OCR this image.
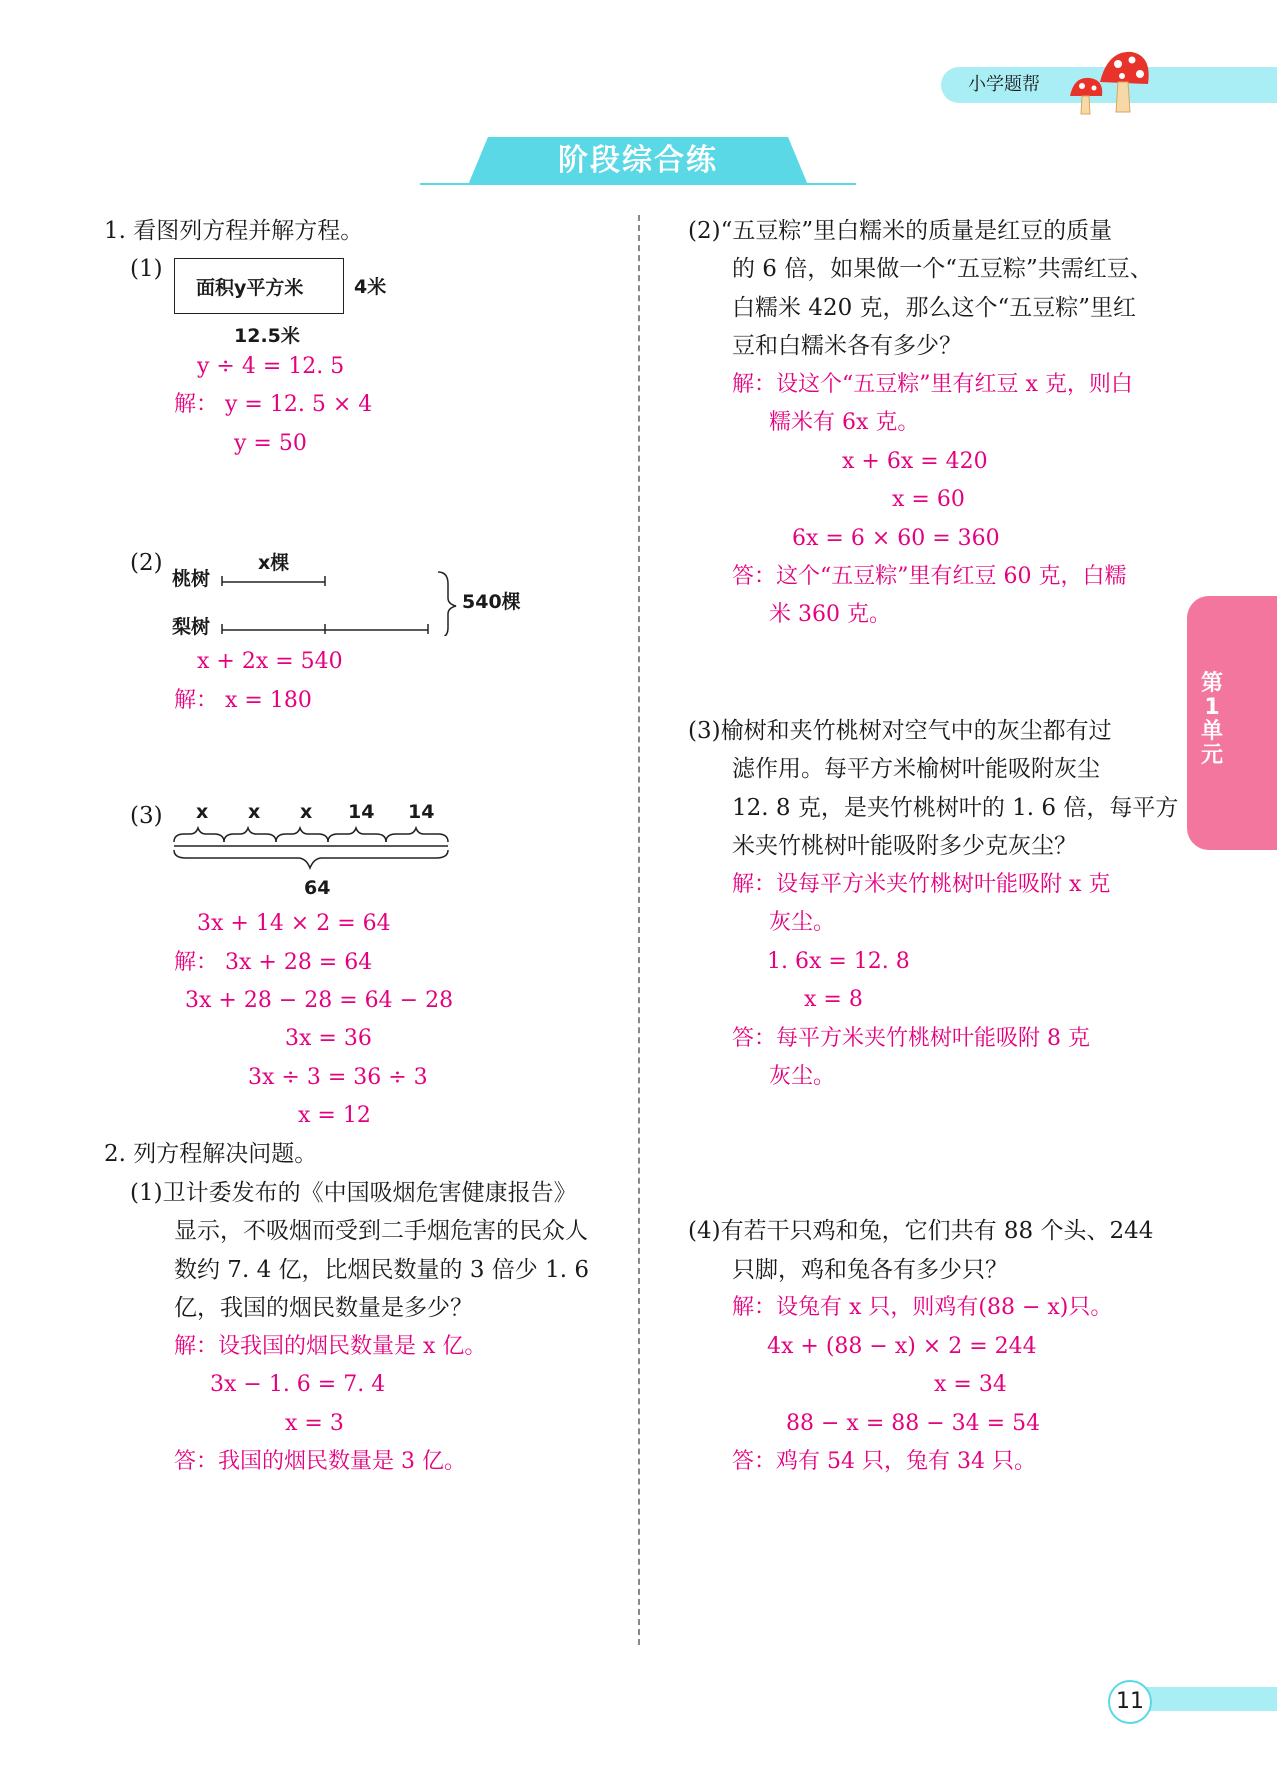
小学题帮
阶段综合练
1. 看图列方程并解方程。
(1)
面积y平方米	4米
12.5米
y ÷ 4 = 12. 5
解： y = 12. 5 × 4
y = 50
(2)
桃树
梨树
x棵
540棵
x + 2x = 540
解： x = 180
(3) x x x 14 14
64
3x + 14 × 2 = 64
解： 3x + 28 = 64
3x + 28 − 28 = 64 − 28
3x = 36
3x ÷ 3 = 36 ÷ 3
x = 12
2. 列方程解决问题。
(1)卫计委发布的《中国吸烟危害健康报告》
显示，不吸烟而受到二手烟危害的民众人
数约 7. 4 亿，比烟民数量的 3 倍少 1. 6
亿，我国的烟民数量是多少？
解：设我国的烟民数量是 x 亿。
3x − 1. 6 = 7. 4
x = 3
答：我国的烟民数量是 3 亿。
(2)“五豆粽”里白糯米的质量是红豆的质量
的 6 倍，如果做一个“五豆粽”共需红豆、
白糯米 420 克，那么这个“五豆粽”里红
豆和白糯米各有多少？
解：设这个“五豆粽”里有红豆 x 克，则白
糯米有 6x 克。
x + 6x = 420
x = 60
6x = 6 × 60 = 360
答：这个“五豆粽”里有红豆 60 克，白糯
米 360 克。
(3)榆树和夹竹桃树对空气中的灰尘都有过
滤作用。每平方米榆树叶能吸附灰尘
12. 8 克，是夹竹桃树叶的 1. 6 倍，每平方
米夹竹桃树叶能吸附多少克灰尘？
解：设每平方米夹竹桃树叶能吸附 x 克
灰尘。
1. 6x = 12. 8
x = 8
答：每平方米夹竹桃树叶能吸附 8 克
灰尘。
(4)有若干只鸡和兔，它们共有 88 个头、244
只脚，鸡和兔各有多少只？
解：设兔有 x 只，则鸡有(88 − x)只。
4x + (88 − x) × 2 = 244
x = 34
88 − x = 88 − 34 = 54
答：鸡有 54 只，兔有 34 只。
第1单元
11
